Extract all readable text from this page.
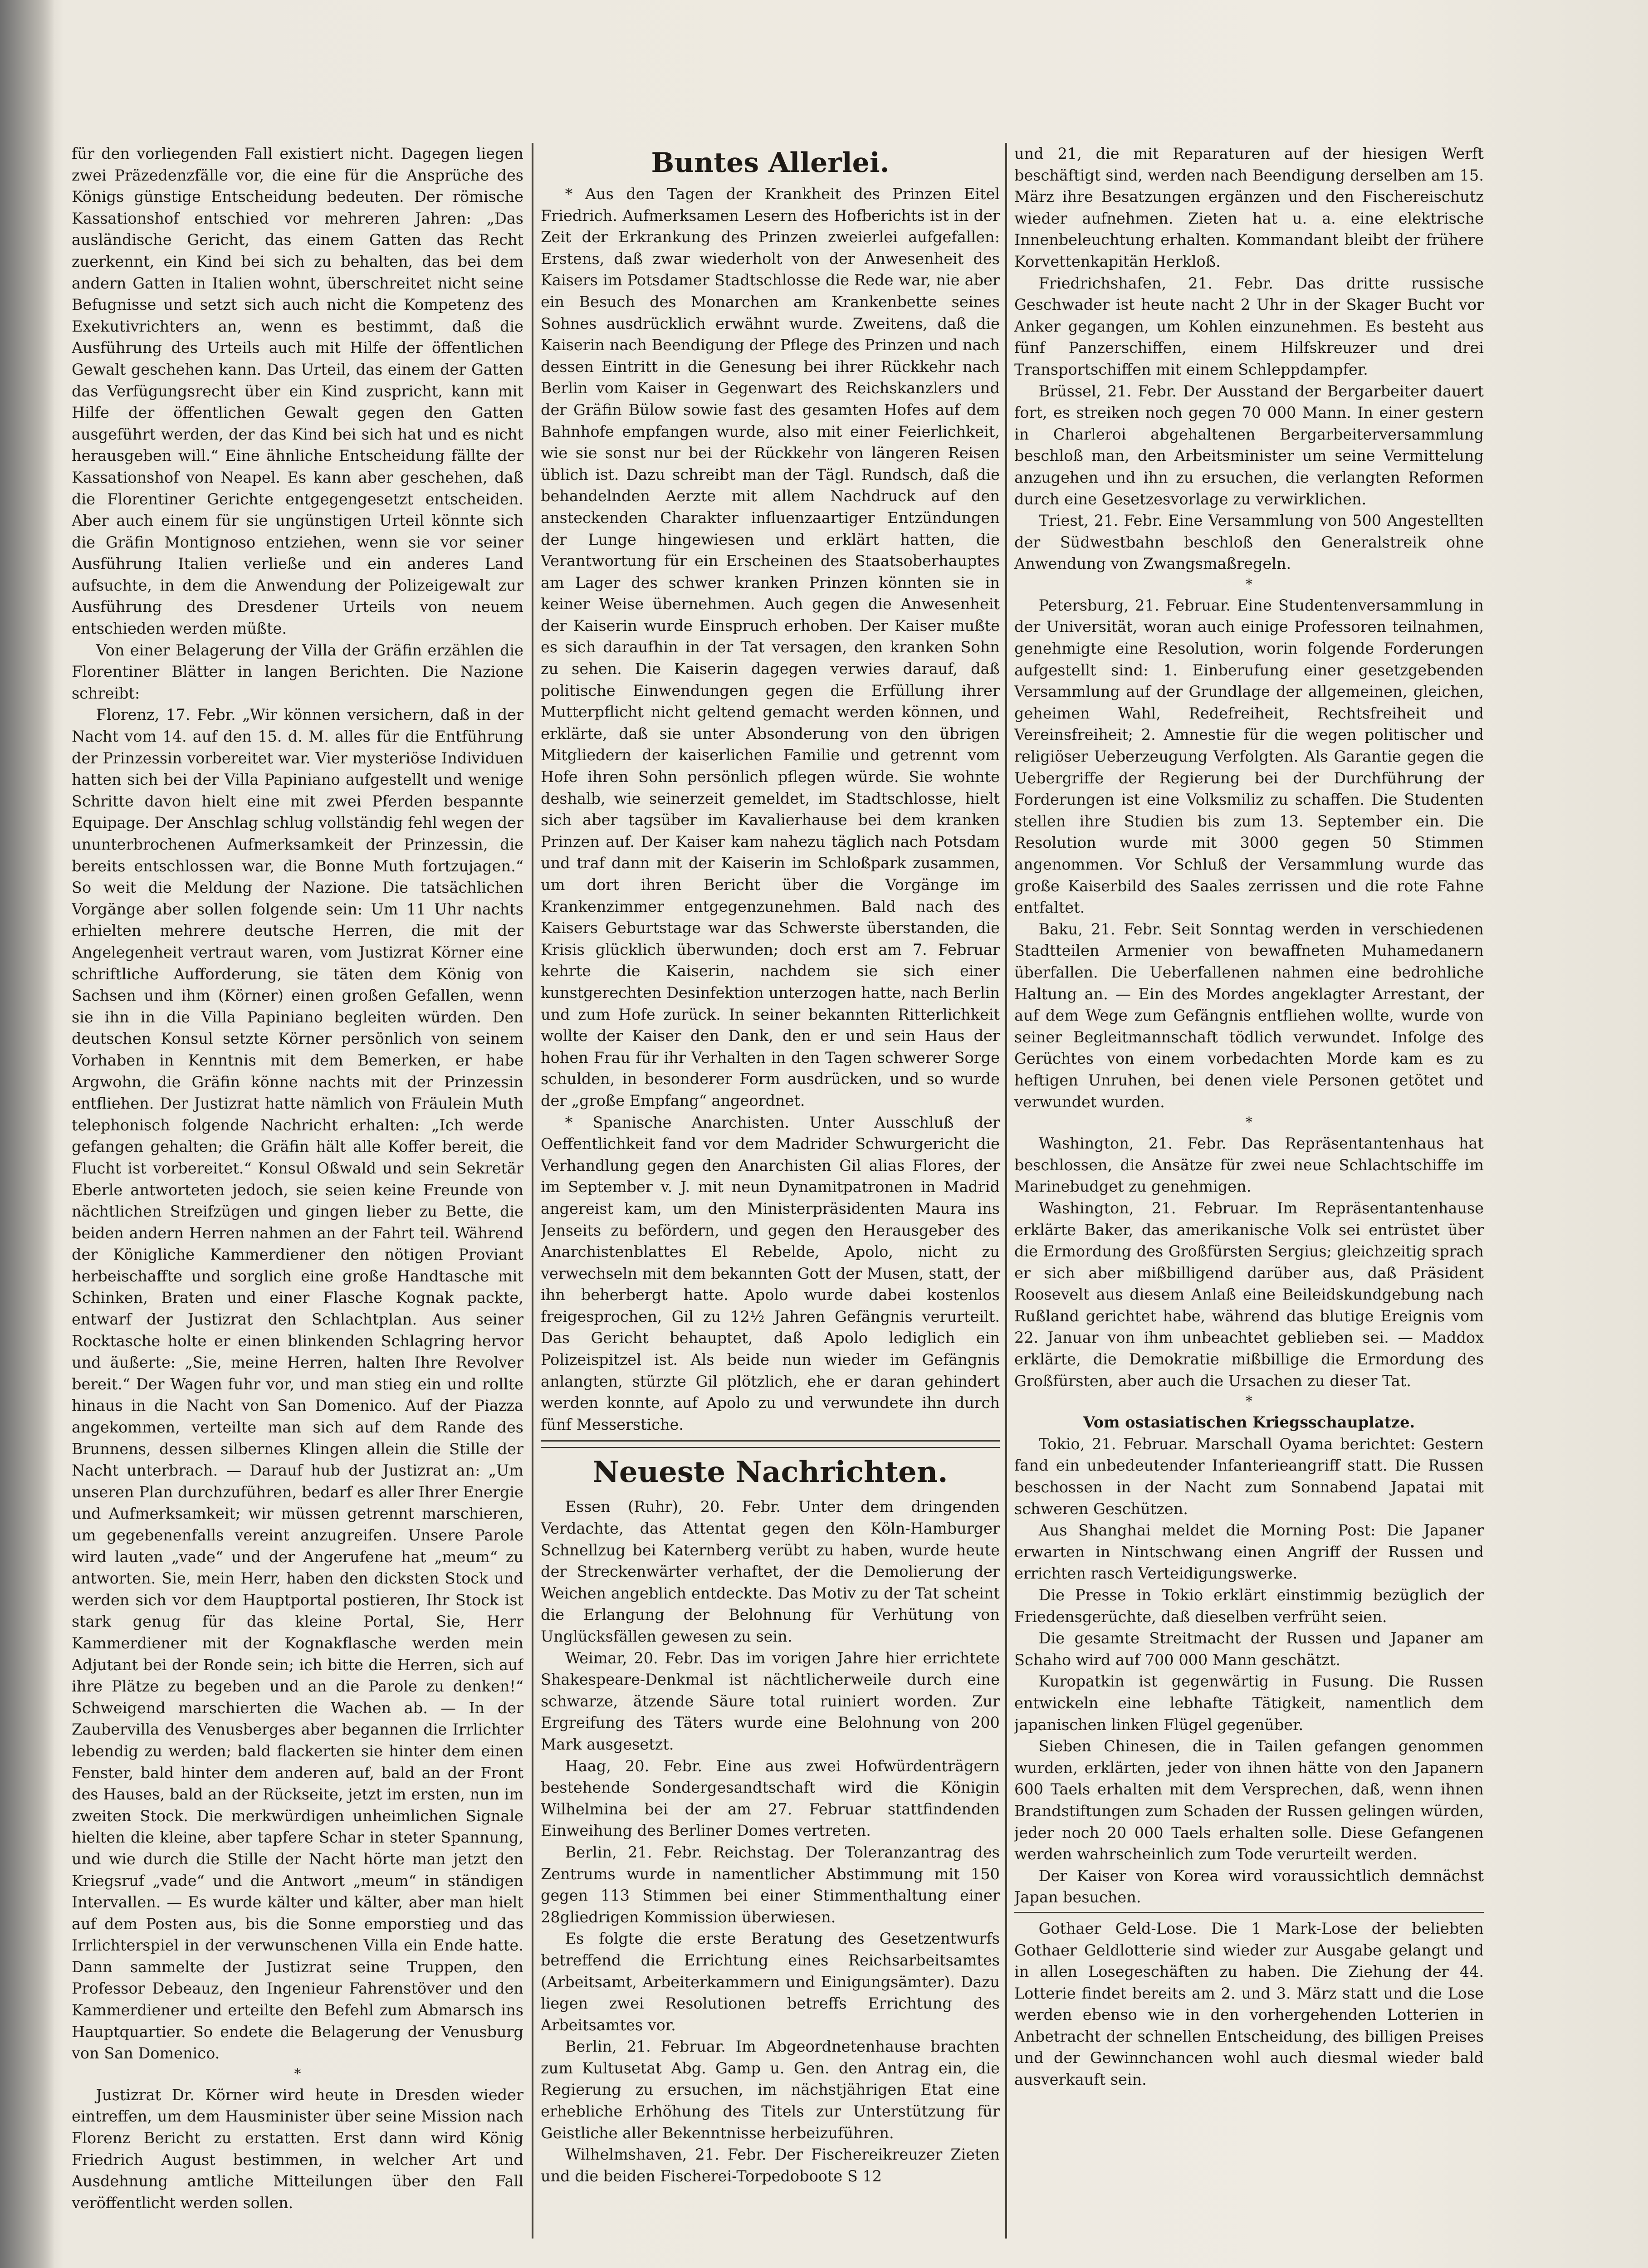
für den vorliegenden Fall existiert nicht. Dagegen liegen zwei Präzedenzfälle vor, die eine für die Ansprüche des Königs günstige Entscheidung bedeuten. Der römische Kassationshof entschied vor mehreren Jahren: „Das ausländische Gericht, das einem Gatten das Recht zuerkennt, ein Kind bei sich zu behalten, das bei dem andern Gatten in Italien wohnt, überschreitet nicht seine Befugnisse und setzt sich auch nicht die Kompetenz des Exekutivrichters an, wenn es bestimmt, daß die Ausführung des Urteils auch mit Hilfe der öffentlichen Gewalt geschehen kann. Das Urteil, das einem der Gatten das Verfügungsrecht über ein Kind zuspricht, kann mit Hilfe der öffentlichen Gewalt gegen den Gatten ausgeführt werden, der das Kind bei sich hat und es nicht herausgeben will.“ Eine ähnliche Entscheidung fällte der Kassationshof von Neapel. Es kann aber geschehen, daß die Florentiner Gerichte entgegengesetzt entscheiden. Aber auch einem für sie ungünstigen Urteil könnte sich die Gräfin Montignoso entziehen, wenn sie vor seiner Ausführung Italien verließe und ein anderes Land aufsuchte, in dem die Anwendung der Polizeigewalt zur Ausführung des Dresdener Urteils von neuem entschieden werden müßte.

Von einer Belagerung der Villa der Gräfin erzählen die Florentiner Blätter in langen Berichten. Die Nazione schreibt:

Florenz, 17. Febr. „Wir können versichern, daß in der Nacht vom 14. auf den 15. d. M. alles für die Entführung der Prinzessin vorbereitet war. Vier mysteriöse Individuen hatten sich bei der Villa Papiniano aufgestellt und wenige Schritte davon hielt eine mit zwei Pferden bespannte Equipage. Der Anschlag schlug vollständig fehl wegen der ununterbrochenen Aufmerksamkeit der Prinzessin, die bereits entschlossen war, die Bonne Muth fortzujagen.“ So weit die Meldung der Nazione. Die tatsächlichen Vorgänge aber sollen folgende sein: Um 11 Uhr nachts erhielten mehrere deutsche Herren, die mit der Angelegenheit vertraut waren, vom Justizrat Körner eine schriftliche Aufforderung, sie täten dem König von Sachsen und ihm (Körner) einen großen Gefallen, wenn sie ihn in die Villa Papiniano begleiten würden. Den deutschen Konsul setzte Körner persönlich von seinem Vorhaben in Kenntnis mit dem Bemerken, er habe Argwohn, die Gräfin könne nachts mit der Prinzessin entfliehen. Der Justizrat hatte nämlich von Fräulein Muth telephonisch folgende Nachricht erhalten: „Ich werde gefangen gehalten; die Gräfin hält alle Koffer bereit, die Flucht ist vorbereitet.“ Konsul Oßwald und sein Sekretär Eberle antworteten jedoch, sie seien keine Freunde von nächtlichen Streifzügen und gingen lieber zu Bette, die beiden andern Herren nahmen an der Fahrt teil. Während der Königliche Kammerdiener den nötigen Proviant herbeischaffte und sorglich eine große Handtasche mit Schinken, Braten und einer Flasche Kognak packte, entwarf der Justizrat den Schlachtplan. Aus seiner Rocktasche holte er einen blinkenden Schlagring hervor und äußerte: „Sie, meine Herren, halten Ihre Revolver bereit.“ Der Wagen fuhr vor, und man stieg ein und rollte hinaus in die Nacht von San Domenico. Auf der Piazza angekommen, verteilte man sich auf dem Rande des Brunnens, dessen silbernes Klingen allein die Stille der Nacht unterbrach. — Darauf hub der Justizrat an: „Um unseren Plan durchzuführen, bedarf es aller Ihrer Energie und Aufmerksamkeit; wir müssen getrennt marschieren, um gegebenenfalls vereint anzugreifen. Unsere Parole wird lauten „vade“ und der Angerufene hat „meum“ zu antworten. Sie, mein Herr, haben den dicksten Stock und werden sich vor dem Hauptportal postieren, Ihr Stock ist stark genug für das kleine Portal, Sie, Herr Kammerdiener mit der Kognakflasche werden mein Adjutant bei der Ronde sein; ich bitte die Herren, sich auf ihre Plätze zu begeben und an die Parole zu denken!“ Schweigend marschierten die Wachen ab. — In der Zaubervilla des Venusberges aber begannen die Irrlichter lebendig zu werden; bald flackerten sie hinter dem einen Fenster, bald hinter dem anderen auf, bald an der Front des Hauses, bald an der Rückseite, jetzt im ersten, nun im zweiten Stock. Die merkwürdigen unheimlichen Signale hielten die kleine, aber tapfere Schar in steter Spannung, und wie durch die Stille der Nacht hörte man jetzt den Kriegsruf „vade“ und die Antwort „meum“ in ständigen Intervallen. — Es wurde kälter und kälter, aber man hielt auf dem Posten aus, bis die Sonne emporstieg und das Irrlichterspiel in der verwunschenen Villa ein Ende hatte. Dann sammelte der Justizrat seine Truppen, den Professor Debeauz, den Ingenieur Fahrenstöver und den Kammerdiener und erteilte den Befehl zum Abmarsch ins Hauptquartier. So endete die Belagerung der Venusburg von San Domenico.

*

Justizrat Dr. Körner wird heute in Dresden wieder eintreffen, um dem Hausminister über seine Mission nach Florenz Bericht zu erstatten. Erst dann wird König Friedrich August bestimmen, in welcher Art und Ausdehnung amtliche Mitteilungen über den Fall veröffentlicht werden sollen.

Buntes Allerlei.

* Aus den Tagen der Krankheit des Prinzen Eitel Friedrich. Aufmerksamen Lesern des Hofberichts ist in der Zeit der Erkrankung des Prinzen zweierlei aufgefallen: Erstens, daß zwar wiederholt von der Anwesenheit des Kaisers im Potsdamer Stadtschlosse die Rede war, nie aber ein Besuch des Monarchen am Krankenbette seines Sohnes ausdrücklich erwähnt wurde. Zweitens, daß die Kaiserin nach Beendigung der Pflege des Prinzen und nach dessen Eintritt in die Genesung bei ihrer Rückkehr nach Berlin vom Kaiser in Gegenwart des Reichskanzlers und der Gräfin Bülow sowie fast des gesamten Hofes auf dem Bahnhofe empfangen wurde, also mit einer Feierlichkeit, wie sie sonst nur bei der Rückkehr von längeren Reisen üblich ist. Dazu schreibt man der Tägl. Rundsch, daß die behandelnden Aerzte mit allem Nachdruck auf den ansteckenden Charakter influenzaartiger Entzündungen der Lunge hingewiesen und erklärt hatten, die Verantwortung für ein Erscheinen des Staatsoberhauptes am Lager des schwer kranken Prinzen könnten sie in keiner Weise übernehmen. Auch gegen die Anwesenheit der Kaiserin wurde Einspruch erhoben. Der Kaiser mußte es sich daraufhin in der Tat versagen, den kranken Sohn zu sehen. Die Kaiserin dagegen verwies darauf, daß politische Einwendungen gegen die Erfüllung ihrer Mutterpflicht nicht geltend gemacht werden können, und erklärte, daß sie unter Absonderung von den übrigen Mitgliedern der kaiserlichen Familie und getrennt vom Hofe ihren Sohn persönlich pflegen würde. Sie wohnte deshalb, wie seinerzeit gemeldet, im Stadtschlosse, hielt sich aber tagsüber im Kavalierhause bei dem kranken Prinzen auf. Der Kaiser kam nahezu täglich nach Potsdam und traf dann mit der Kaiserin im Schloßpark zusammen, um dort ihren Bericht über die Vorgänge im Krankenzimmer entgegenzunehmen. Bald nach des Kaisers Geburtstage war das Schwerste überstanden, die Krisis glücklich überwunden; doch erst am 7. Februar kehrte die Kaiserin, nachdem sie sich einer kunstgerechten Desinfektion unterzogen hatte, nach Berlin und zum Hofe zurück. In seiner bekannten Ritterlichkeit wollte der Kaiser den Dank, den er und sein Haus der hohen Frau für ihr Verhalten in den Tagen schwerer Sorge schulden, in besonderer Form ausdrücken, und so wurde der „große Empfang“ angeordnet.

* Spanische Anarchisten. Unter Ausschluß der Oeffentlichkeit fand vor dem Madrider Schwurgericht die Verhandlung gegen den Anarchisten Gil alias Flores, der im September v. J. mit neun Dynamitpatronen in Madrid angereist kam, um den Ministerpräsidenten Maura ins Jenseits zu befördern, und gegen den Herausgeber des Anarchistenblattes El Rebelde, Apolo, nicht zu verwechseln mit dem bekannten Gott der Musen, statt, der ihn beherbergt hatte. Apolo wurde dabei kostenlos freigesprochen, Gil zu 12½ Jahren Gefängnis verurteilt. Das Gericht behauptet, daß Apolo lediglich ein Polizeispitzel ist. Als beide nun wieder im Gefängnis anlangten, stürzte Gil plötzlich, ehe er daran gehindert werden konnte, auf Apolo zu und verwundete ihn durch fünf Messerstiche.

Neueste Nachrichten.

Essen (Ruhr), 20. Febr. Unter dem dringenden Verdachte, das Attentat gegen den Köln-Hamburger Schnellzug bei Katernberg verübt zu haben, wurde heute der Streckenwärter verhaftet, der die Demolierung der Weichen angeblich entdeckte. Das Motiv zu der Tat scheint die Erlangung der Belohnung für Verhütung von Unglücksfällen gewesen zu sein.

Weimar, 20. Febr. Das im vorigen Jahre hier errichtete Shakespeare-Denkmal ist nächtlicherweile durch eine schwarze, ätzende Säure total ruiniert worden. Zur Ergreifung des Täters wurde eine Belohnung von 200 Mark ausgesetzt.

Haag, 20. Febr. Eine aus zwei Hofwürdenträgern bestehende Sondergesandtschaft wird die Königin Wilhelmina bei der am 27. Februar stattfindenden Einweihung des Berliner Domes vertreten.

Berlin, 21. Febr. Reichstag. Der Toleranzantrag des Zentrums wurde in namentlicher Abstimmung mit 150 gegen 113 Stimmen bei einer Stimmenthaltung einer 28gliedrigen Kommission überwiesen.

Es folgte die erste Beratung des Gesetzentwurfs betreffend die Errichtung eines Reichsarbeitsamtes (Arbeitsamt, Arbeiterkammern und Einigungsämter). Dazu liegen zwei Resolutionen betreffs Errichtung des Arbeitsamtes vor.

Berlin, 21. Februar. Im Abgeordnetenhause brachten zum Kultusetat Abg. Gamp u. Gen. den Antrag ein, die Regierung zu ersuchen, im nächstjährigen Etat eine erhebliche Erhöhung des Titels zur Unterstützung für Geistliche aller Bekenntnisse herbeizuführen.

Wilhelmshaven, 21. Febr. Der Fischereikreuzer Zieten und die beiden Fischerei-Torpedoboote S 12

und 21, die mit Reparaturen auf der hiesigen Werft beschäftigt sind, werden nach Beendigung derselben am 15. März ihre Besatzungen ergänzen und den Fischereischutz wieder aufnehmen. Zieten hat u. a. eine elektrische Innenbeleuchtung erhalten. Kommandant bleibt der frühere Korvettenkapitän Herkloß.

Friedrichshafen, 21. Febr. Das dritte russische Geschwader ist heute nacht 2 Uhr in der Skager Bucht vor Anker gegangen, um Kohlen einzunehmen. Es besteht aus fünf Panzerschiffen, einem Hilfskreuzer und drei Transportschiffen mit einem Schleppdampfer.

Brüssel, 21. Febr. Der Ausstand der Bergarbeiter dauert fort, es streiken noch gegen 70 000 Mann. In einer gestern in Charleroi abgehaltenen Bergarbeiterversammlung beschloß man, den Arbeitsminister um seine Vermittelung anzugehen und ihn zu ersuchen, die verlangten Reformen durch eine Gesetzesvorlage zu verwirklichen.

Triest, 21. Febr. Eine Versammlung von 500 Angestellten der Südwestbahn beschloß den Generalstreik ohne Anwendung von Zwangsmaßregeln.

*

Petersburg, 21. Februar. Eine Studentenversammlung in der Universität, woran auch einige Professoren teilnahmen, genehmigte eine Resolution, worin folgende Forderungen aufgestellt sind: 1. Einberufung einer gesetzgebenden Versammlung auf der Grundlage der allgemeinen, gleichen, geheimen Wahl, Redefreiheit, Rechtsfreiheit und Vereinsfreiheit; 2. Amnestie für die wegen politischer und religiöser Ueberzeugung Verfolgten. Als Garantie gegen die Uebergriffe der Regierung bei der Durchführung der Forderungen ist eine Volksmiliz zu schaffen. Die Studenten stellen ihre Studien bis zum 13. September ein. Die Resolution wurde mit 3000 gegen 50 Stimmen angenommen. Vor Schluß der Versammlung wurde das große Kaiserbild des Saales zerrissen und die rote Fahne entfaltet.

Baku, 21. Febr. Seit Sonntag werden in verschiedenen Stadtteilen Armenier von bewaffneten Muhamedanern überfallen. Die Ueberfallenen nahmen eine bedrohliche Haltung an. — Ein des Mordes angeklagter Arrestant, der auf dem Wege zum Gefängnis entfliehen wollte, wurde von seiner Begleitmannschaft tödlich verwundet. Infolge des Gerüchtes von einem vorbedachten Morde kam es zu heftigen Unruhen, bei denen viele Personen getötet und verwundet wurden.

*

Washington, 21. Febr. Das Repräsentantenhaus hat beschlossen, die Ansätze für zwei neue Schlachtschiffe im Marinebudget zu genehmigen.

Washington, 21. Februar. Im Repräsentantenhause erklärte Baker, das amerikanische Volk sei entrüstet über die Ermordung des Großfürsten Sergius; gleichzeitig sprach er sich aber mißbilligend darüber aus, daß Präsident Roosevelt aus diesem Anlaß eine Beileidskundgebung nach Rußland gerichtet habe, während das blutige Ereignis vom 22. Januar von ihm unbeachtet geblieben sei. — Maddox erklärte, die Demokratie mißbillige die Ermordung des Großfürsten, aber auch die Ursachen zu dieser Tat.

*

Vom ostasiatischen Kriegsschauplatze.

Tokio, 21. Februar. Marschall Oyama berichtet: Gestern fand ein unbedeutender Infanterieangriff statt. Die Russen beschossen in der Nacht zum Sonnabend Japatai mit schweren Geschützen.

Aus Shanghai meldet die Morning Post: Die Japaner erwarten in Nintschwang einen Angriff der Russen und errichten rasch Verteidigungswerke.

Die Presse in Tokio erklärt einstimmig bezüglich der Friedensgerüchte, daß dieselben verfrüht seien.

Die gesamte Streitmacht der Russen und Japaner am Schaho wird auf 700 000 Mann geschätzt.

Kuropatkin ist gegenwärtig in Fusung. Die Russen entwickeln eine lebhafte Tätigkeit, namentlich dem japanischen linken Flügel gegenüber.

Sieben Chinesen, die in Tailen gefangen genommen wurden, erklärten, jeder von ihnen hätte von den Japanern 600 Taels erhalten mit dem Versprechen, daß, wenn ihnen Brandstiftungen zum Schaden der Russen gelingen würden, jeder noch 20 000 Taels erhalten solle. Diese Gefangenen werden wahrscheinlich zum Tode verurteilt werden.

Der Kaiser von Korea wird voraussichtlich demnächst Japan besuchen.

Gothaer Geld-Lose. Die 1 Mark-Lose der beliebten Gothaer Geldlotterie sind wieder zur Ausgabe gelangt und in allen Losegeschäften zu haben. Die Ziehung der 44. Lotterie findet bereits am 2. und 3. März statt und die Lose werden ebenso wie in den vorhergehenden Lotterien in Anbetracht der schnellen Entscheidung, des billigen Preises und der Gewinnchancen wohl auch diesmal wieder bald ausverkauft sein.
